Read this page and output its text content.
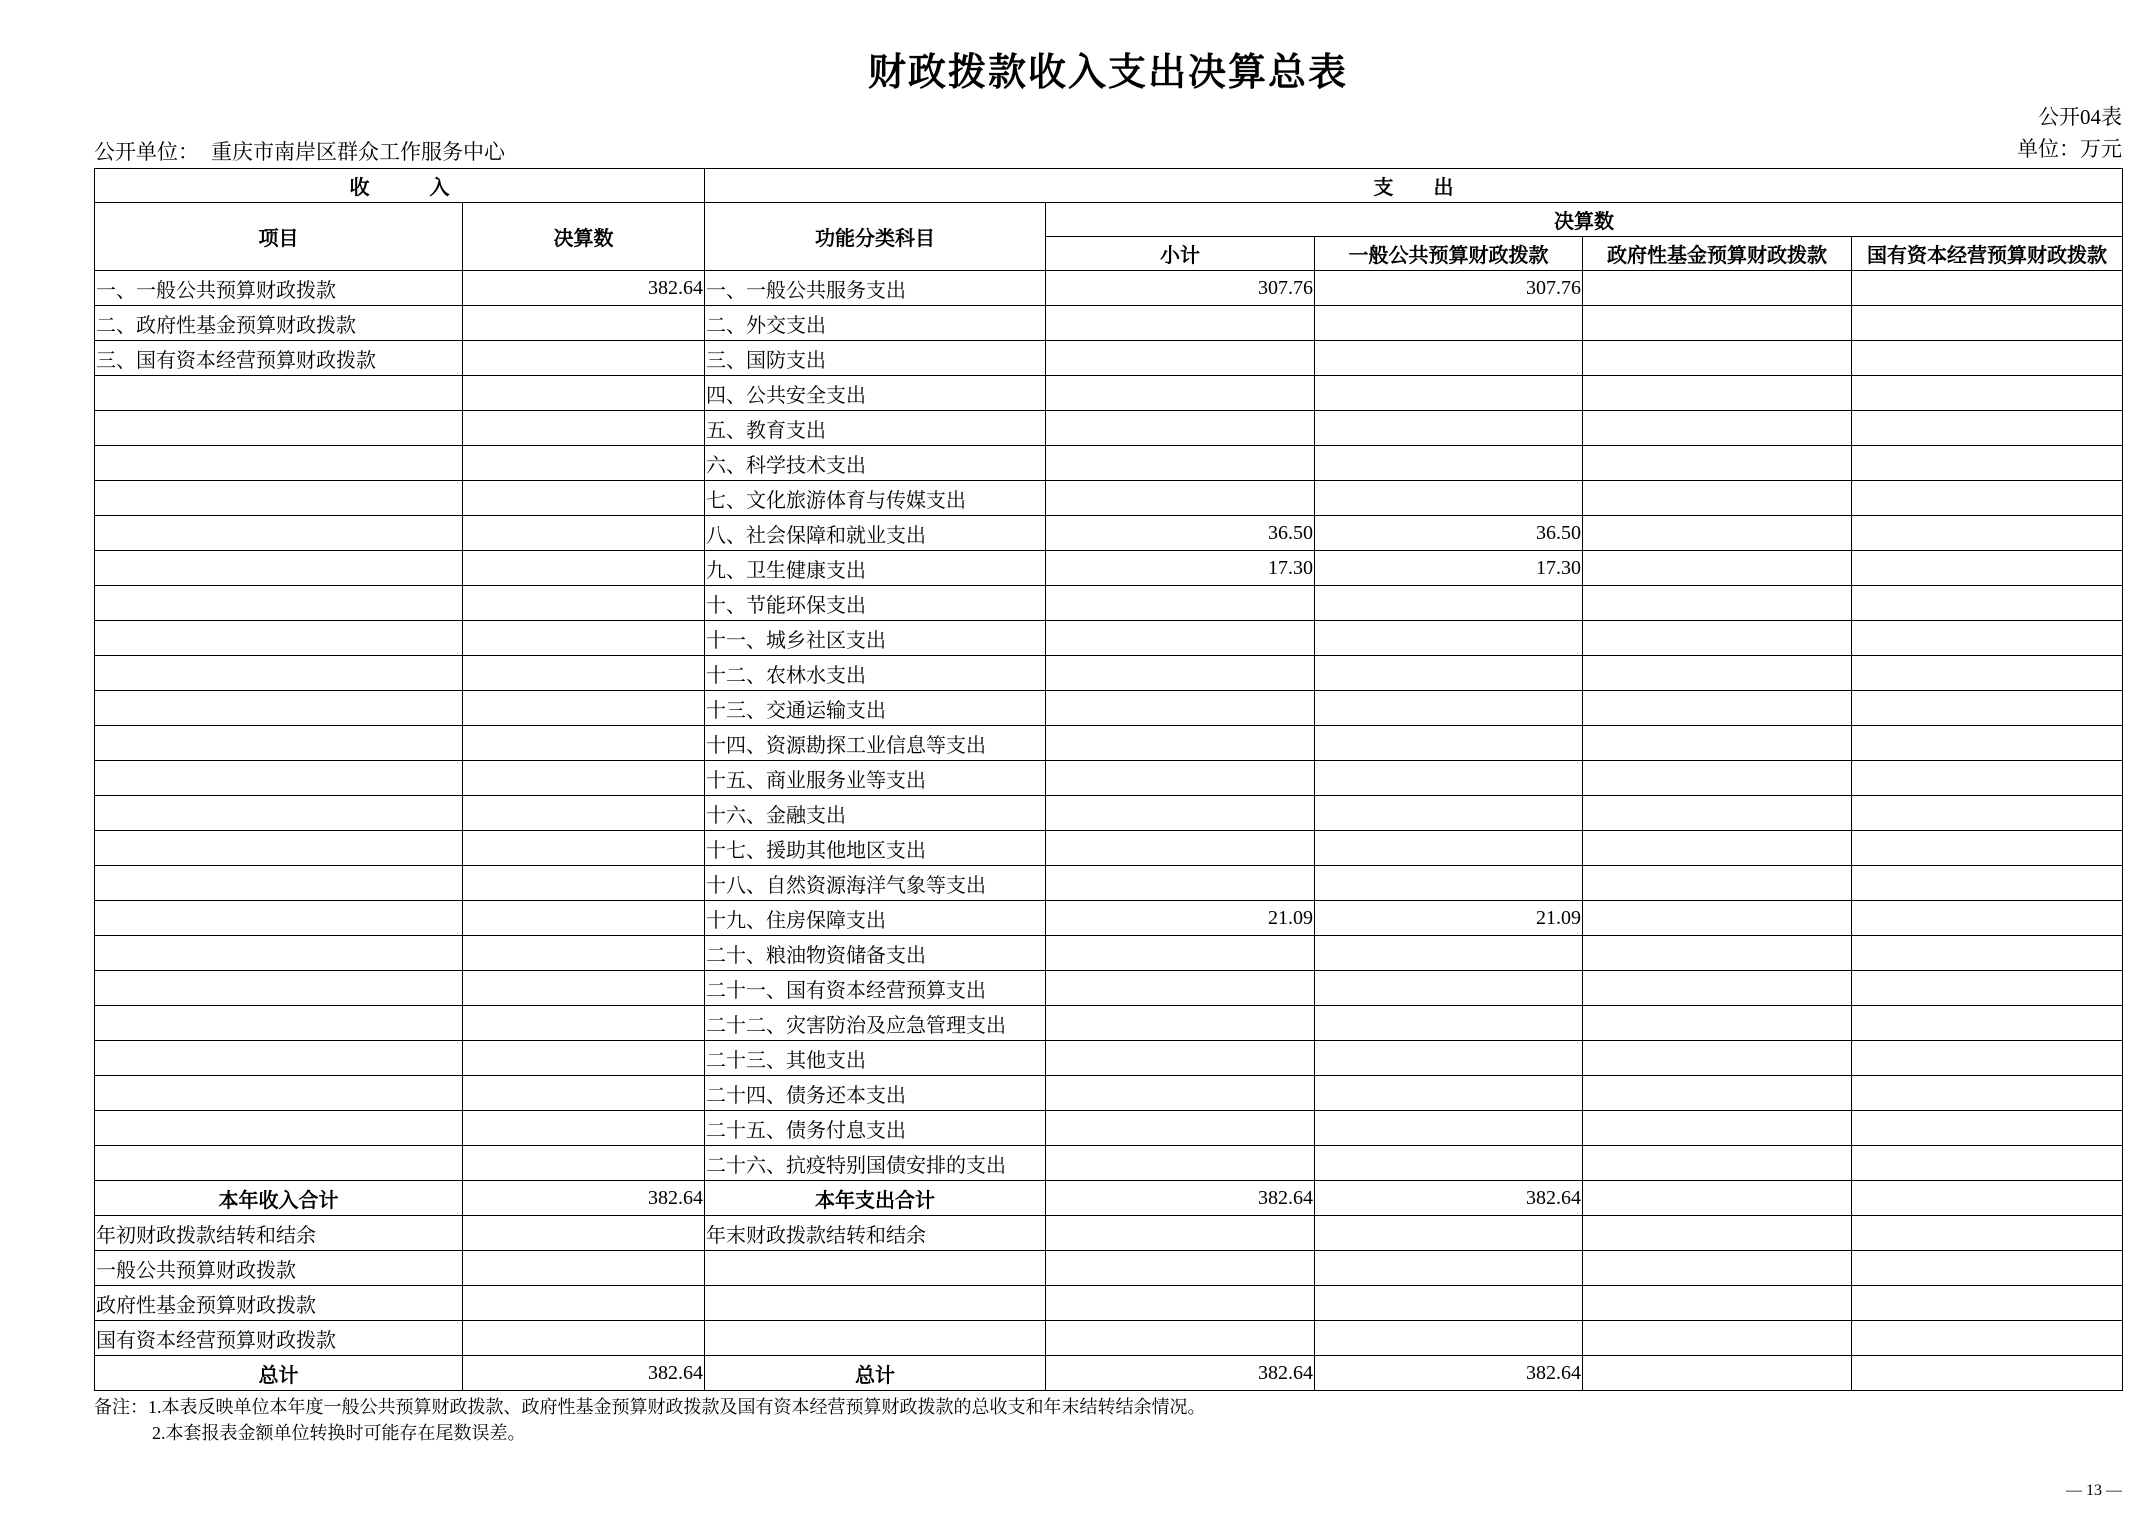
财政拨款收入支出决算总表
公开04表
公开单位： 重庆市南岸区群众工作服务中心	单位：万元
收　　　入		支　　出				
项目	决算数	功能分类科目	决算数			
			小计	一般公共预算财政拨款	政府性基金预算财政拨款	国有资本经营预算财政拨款
一、一般公共预算财政拨款	382.64	一、一般公共服务支出	307.76	307.76		
二、政府性基金预算财政拨款		二、外交支出				
三、国有资本经营预算财政拨款		三、国防支出				
		四、公共安全支出				
		五、教育支出				
		六、科学技术支出				
		七、文化旅游体育与传媒支出				
		八、社会保障和就业支出	36.50	36.50		
		九、卫生健康支出	17.30	17.30		
		十、节能环保支出				
		十一、城乡社区支出				
		十二、农林水支出				
		十三、交通运输支出				
		十四、资源勘探工业信息等支出				
		十五、商业服务业等支出				
		十六、金融支出				
		十七、援助其他地区支出				
		十八、自然资源海洋气象等支出				
		十九、住房保障支出	21.09	21.09		
		二十、粮油物资储备支出				
		二十一、国有资本经营预算支出				
		二十二、灾害防治及应急管理支出				
		二十三、其他支出				
		二十四、债务还本支出				
		二十五、债务付息支出				
		二十六、抗疫特别国债安排的支出				
本年收入合计	382.64	本年支出合计	382.64	382.64		
年初财政拨款结转和结余		年末财政拨款结转和结余				
一般公共预算财政拨款						
政府性基金预算财政拨款						
国有资本经营预算财政拨款						
总计	382.64	总计	382.64	382.64		
备注：1.本表反映单位本年度一般公共预算财政拨款、政府性基金预算财政拨款及国有资本经营预算财政拨款的总收支和年末结转结余情况。
2.本套报表金额单位转换时可能存在尾数误差。
— 13 —
